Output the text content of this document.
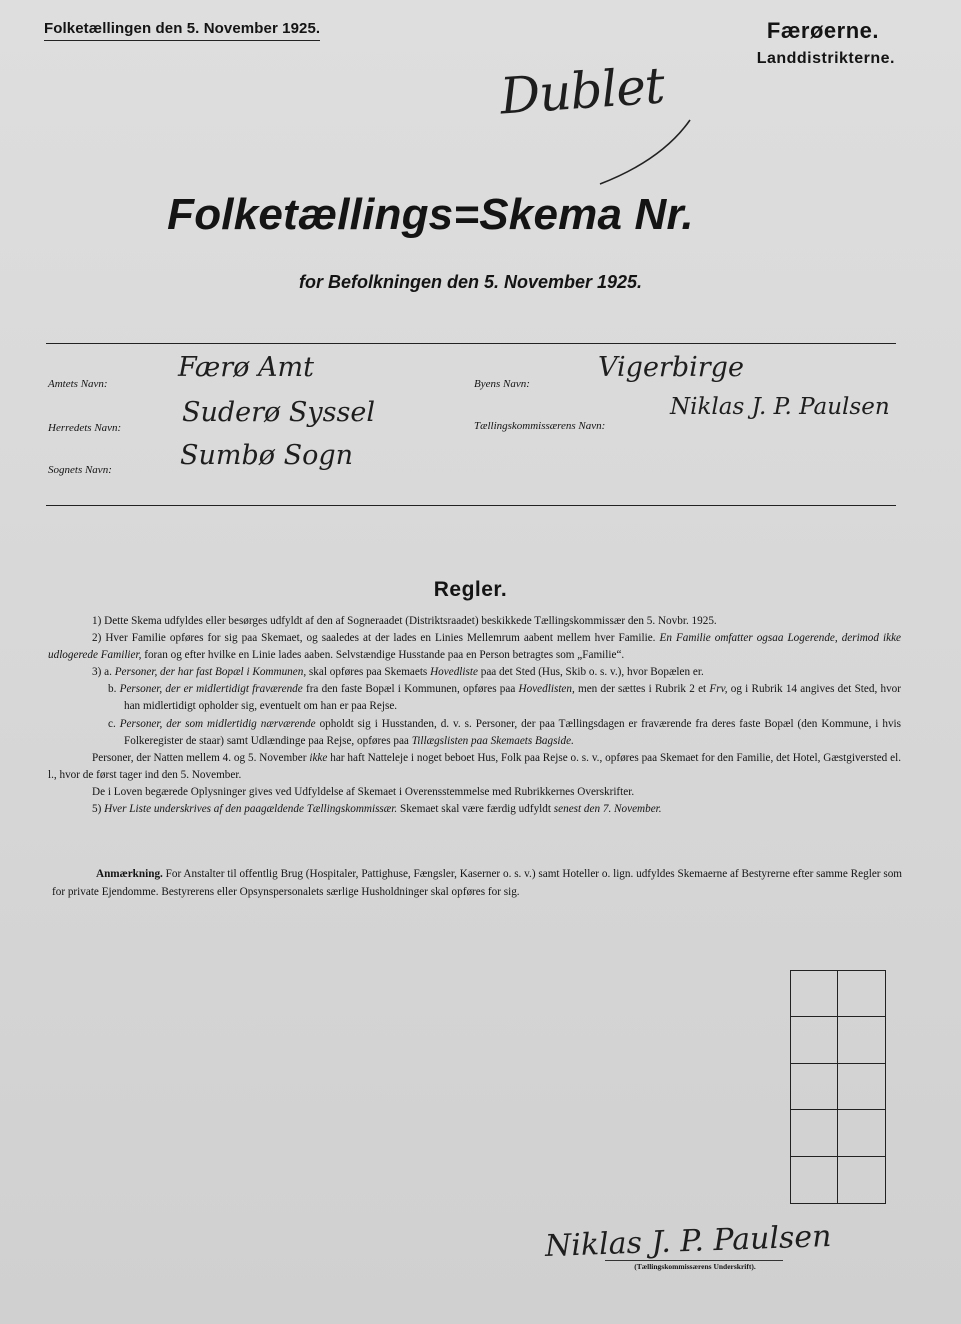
Folketællingen den 5. November 1925.	Færøerne.
Landdistrikterne.
Dublet
Folketællings=Skema Nr.
for Befolkningen den 5. November 1925.
Amtets Navn:
Færø Amt
Byens Navn:
Vigerbirge
Herredets Navn: Suderø Syssel	Tællingskommissærens Navn:
Niklas J. P. Paulsen
Sognets Navn:	Sumbø Sogn
Regler.

1) Dette Skema udfyldes eller besørges udfyldt af den af Sogneraadet (Distriktsraadet) beskikkede Tællingskommissær den 5. Novbr. 1925.

2) Hver Familie opføres for sig paa Skemaet, og saaledes at der lades en Linies Mellemrum aabent mellem hver Familie. En Familie omfatter ogsaa Logerende, derimod ikke udlogerede Familier, foran og efter hvilke en Linie lades aaben. Selvstændige Husstande paa en Person betragtes som „Familie“.

3) a. Personer, der har fast Bopæl i Kommunen, skal opføres paa Skemaets Hovedliste paa det Sted (Hus, Skib o. s. v.), hvor Bopælen er.

b. Personer, der er midlertidigt fraværende fra den faste Bopæl i Kommunen, opføres paa Hovedlisten, men der sættes i Rubrik 2 et Frv, og i Rubrik 14 angives det Sted, hvor han midlertidigt opholder sig, eventuelt om han er paa Rejse.

c. Personer, der som midlertidig nærværende opholdt sig i Husstanden, d. v. s. Personer, der paa Tællingsdagen er fraværende fra deres faste Bopæl (den Kommune, i hvis Folkeregister de staar) samt Udlændinge paa Rejse, opføres paa Tillægslisten paa Skemaets Bagside.

Personer, der Natten mellem 4. og 5. November ikke har haft Natteleje i noget beboet Hus, Folk paa Rejse o. s. v., opføres paa Skemaet for den Familie, det Hotel, Gæstgiversted el. l., hvor de først tager ind den 5. November.

De i Loven begærede Oplysninger gives ved Udfyldelse af Skemaet i Overensstemmelse med Rubrikkernes Overskrifter.

5) Hver Liste underskrives af den paagældende Tællingskommissær. Skemaet skal være færdig udfyldt senest den 7. November.

Anmærkning. For Anstalter til offentlig Brug (Hospitaler, Pattighuse, Fængsler, Kaserner o. s. v.) samt Hoteller o. lign. udfyldes Skemaerne af Bestyrerne efter samme Regler som for private Ejendomme. Bestyrerens eller Opsynspersonalets særlige Husholdninger skal opføres for sig.
Niklas J. P. Paulsen
(Tællingskommissærens Underskrift).
